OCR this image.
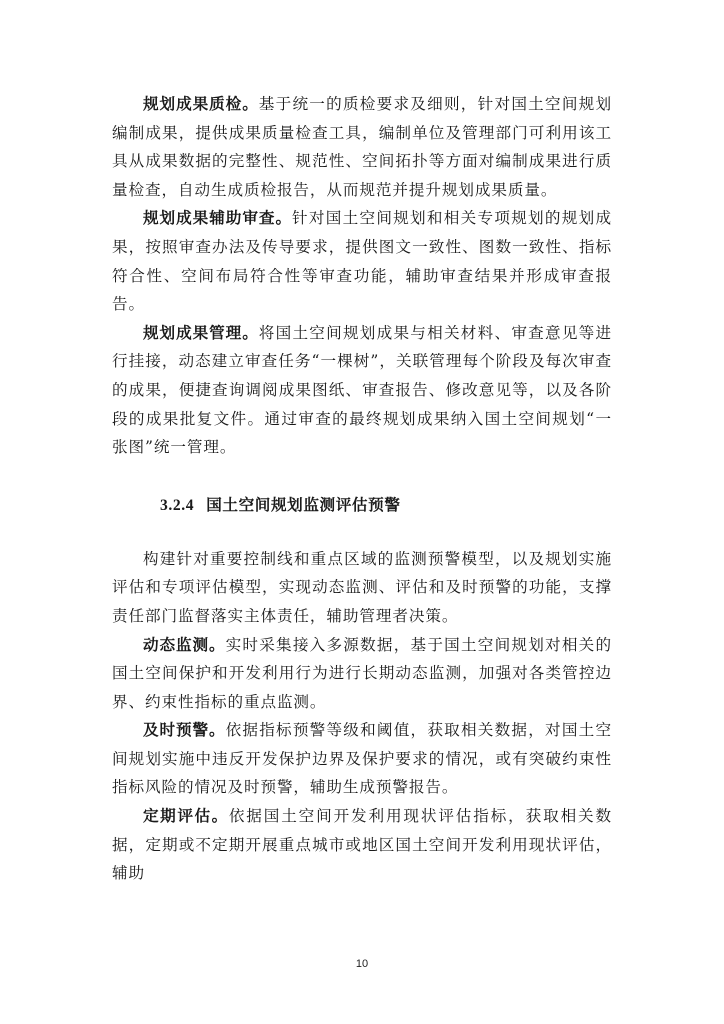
规划成果质检。基于统一的质检要求及细则，针对国土空间规划编制成果，提供成果质量检查工具，编制单位及管理部门可利用该工具从成果数据的完整性、规范性、空间拓扑等方面对编制成果进行质量检查，自动生成质检报告，从而规范并提升规划成果质量。

规划成果辅助审查。针对国土空间规划和相关专项规划的规划成果，按照审查办法及传导要求，提供图文一致性、图数一致性、指标符合性、空间布局符合性等审查功能，辅助审查结果并形成审查报告。

规划成果管理。将国土空间规划成果与相关材料、审查意见等进行挂接，动态建立审查任务“一棵树”，关联管理每个阶段及每次审查的成果，便捷查询调阅成果图纸、审查报告、修改意见等，以及各阶段的成果批复文件。通过审查的最终规划成果纳入国土空间规划“一张图”统一管理。

3.2.4 国土空间规划监测评估预警

构建针对重要控制线和重点区域的监测预警模型，以及规划实施评估和专项评估模型，实现动态监测、评估和及时预警的功能，支撑责任部门监督落实主体责任，辅助管理者决策。

动态监测。实时采集接入多源数据，基于国土空间规划对相关的国土空间保护和开发利用行为进行长期动态监测，加强对各类管控边界、约束性指标的重点监测。

及时预警。依据指标预警等级和阈值，获取相关数据，对国土空间规划实施中违反开发保护边界及保护要求的情况，或有突破约束性指标风险的情况及时预警，辅助生成预警报告。

定期评估。依据国土空间开发利用现状评估指标，获取相关数据，定期或不定期开展重点城市或地区国土空间开发利用现状评估，辅助

10
